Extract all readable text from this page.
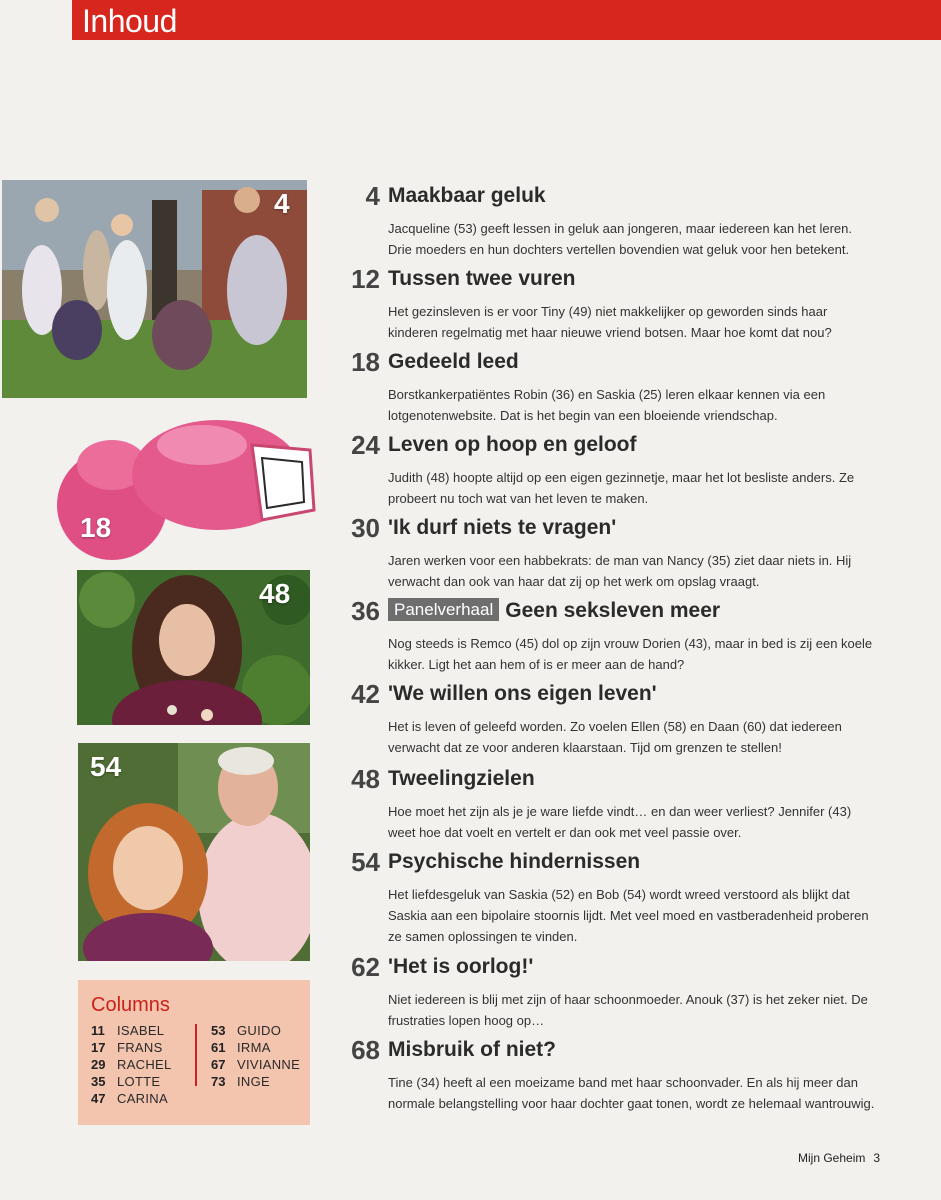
Inhoud
4
18
48
54
4 Maakbaar geluk
Jacqueline (53) geeft lessen in geluk aan jongeren, maar iedereen kan het leren. Drie moeders en hun dochters vertellen bovendien wat geluk voor hen betekent.
12 Tussen twee vuren
Het gezinsleven is er voor Tiny (49) niet makkelijker op geworden sinds haar kinderen regelmatig met haar nieuwe vriend botsen. Maar hoe komt dat nou?
18 Gedeeld leed
Borstkankerpatiëntes Robin (36) en Saskia (25) leren elkaar kennen via een lotgenotenwebsite. Dat is het begin van een bloeiende vriendschap.
24 Leven op hoop en geloof
Judith (48) hoopte altijd op een eigen gezinnetje, maar het lot besliste anders. Ze probeert nu toch wat van het leven te maken.
30 'Ik durf niets te vragen'
Jaren werken voor een habbekrats: de man van Nancy (35) ziet daar niets in. Hij verwacht dan ook van haar dat zij op het werk om opslag vraagt.
36 Panelverhaal Geen seksleven meer
Nog steeds is Remco (45) dol op zijn vrouw Dorien (43), maar in bed is zij een koele kikker. Ligt het aan hem of is er meer aan de hand?
42 'We willen ons eigen leven'
Het is leven of geleefd worden. Zo voelen Ellen (58) en Daan (60) dat iedereen verwacht dat ze voor anderen klaarstaan. Tijd om grenzen te stellen!
48 Tweelingzielen
Hoe moet het zijn als je je ware liefde vindt… en dan weer verliest? Jennifer (43) weet hoe dat voelt en vertelt er dan ook met veel passie over.
54 Psychische hindernissen
Het liefdesgeluk van Saskia (52) en Bob (54) wordt wreed verstoord als blijkt dat Saskia aan een bipolaire stoornis lijdt. Met veel moed en vastberadenheid proberen ze samen oplossingen te vinden.
62 'Het is oorlog!'
Niet iedereen is blij met zijn of haar schoonmoeder. Anouk (37) is het zeker niet. De frustraties lopen hoog op…
68 Misbruik of niet?
Tine (34) heeft al een moeizame band met haar schoonvader. En als hij meer dan normale belangstelling voor haar dochter gaat tonen, wordt ze helemaal wantrouwig.
Columns
11 ISABEL
17 FRANS
29 RACHEL
35 LOTTE
47 CARINA
53 GUIDO
61 IRMA
67 VIVIANNE
73 INGE
Mijn Geheim 3
